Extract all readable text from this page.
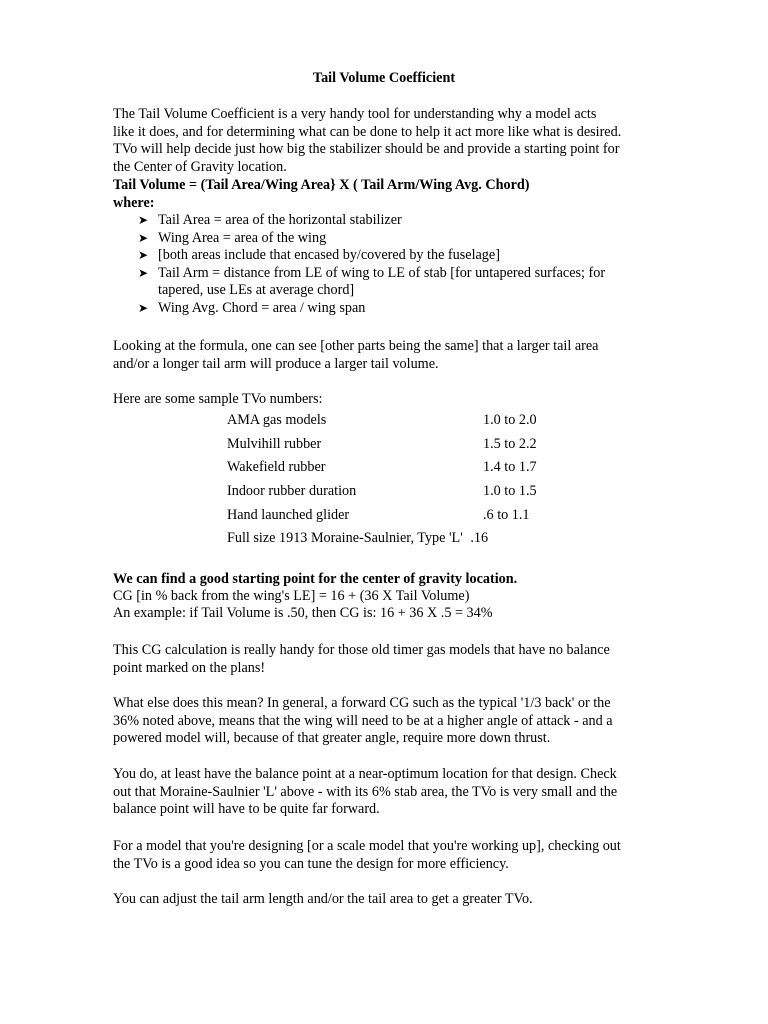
Tail Volume Coefficient

The Tail Volume Coefficient is a very handy tool for understanding why a model acts
like it does, and for determining what can be done to help it act more like what is desired.
TVo will help decide just how big the stabilizer should be and provide a starting point for
the Center of Gravity location.

Tail Volume = (Tail Area/Wing Area} X ( Tail Arm/Wing Avg. Chord)

where:

➤ Tail Area = area of the horizontal stabilizer
➤ Wing Area = area of the wing
➤ [both areas include that encased by/covered by the fuselage]
➤ Tail Arm = distance from LE of wing to LE of stab [for untapered surfaces; for
tapered, use LEs at average chord]
➤ Wing Avg. Chord = area / wing span

Looking at the formula, one can see [other parts being the same] that a larger tail area
and/or a longer tail arm will produce a larger tail volume.

Here are some sample TVo numbers:

AMA gas models	1.0 to 2.0
Mulvihill rubber	1.5 to 2.2
Wakefield rubber	1.4 to 1.7
Indoor rubber duration	1.0 to 1.5
Hand launched glider	.6 to 1.1
Full size 1913 Moraine-Saulnier, Type 'L' .16

We can find a good starting point for the center of gravity location.

CG [in % back from the wing's LE] = 16 + (36 X Tail Volume)

An example: if Tail Volume is .50, then CG is: 16 + 36 X .5 = 34%

This CG calculation is really handy for those old timer gas models that have no balance
point marked on the plans!

What else does this mean? In general, a forward CG such as the typical '1/3 back' or the
36% noted above, means that the wing will need to be at a higher angle of attack - and a
powered model will, because of that greater angle, require more down thrust.

You do, at least have the balance point at a near-optimum location for that design. Check
out that Moraine-Saulnier 'L' above - with its 6% stab area, the TVo is very small and the
balance point will have to be quite far forward.

For a model that you're designing [or a scale model that you're working up], checking out
the TVo is a good idea so you can tune the design for more efficiency.

You can adjust the tail arm length and/or the tail area to get a greater TVo.
